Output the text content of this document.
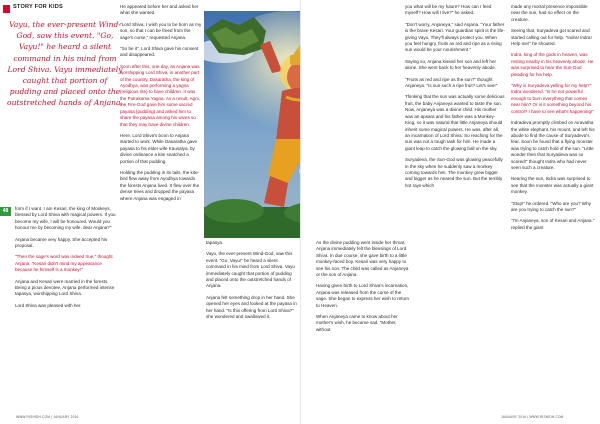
STORY FOR KIDS
Vayu, the ever-present Wind-God, saw this event. "Go, Vayu!" he heard a silent command in his mind from Lord Shiva. Vayu immediately caught that portion of pudding and placed onto the outstretched hands of Anjana.
48	form if I want. I am Kesari, the king of Monkeys, blessed by Lord Shiva with magical powers. If you become my wife, I will be honoured. Would you honour me by becoming my wife, dear Anjana?"

Anjana became very happy. She accepted his proposal.

"Then the sage's word was indeed true," thought Anjana. "Kesari didn't mind my appearance because he himself is a monkey!"

Anjana and Kesari were married in the forests. Being a pious devotee, Anjana performed intense tapasya, worshipping Lord Shiva.

Lord Shiva was pleased with her.

He appeared before her and asked her what she wanted.

"Lord Shiva, I wish you to be born as my son, so that I can be freed from the sage's curse," requested Anjana.

"So be it", Lord Shiva gave his consent and disappeared.

Soon after this, one day, as Anjana was worshipping Lord Shiva, in another part of the country, Dasaratha, the king of Ayodhya, was performing a yagna (religious rite) to have children. It was the Putrakama Yagna. As a result, Agni, the Fire-God gave him some sacred payasa (pudding) and asked him to share the payasa among his wives so that they may have divine children.

Here, Lord Shiva's boon to Anjana started to work. While Dasaratha gave payasa to his elder wife Kausalya, by divine ordinance a kite snatched a portion of that pudding.

Holding the pudding in its tails, the kite-bird flew away from Ayodhya towards the forests Anjana lived. It flew over the dense trees and dropped the payasa where Anjana was engaged in

WWW.RISHIDH.COM | JANUARY 2016

As the divine pudding went inside her throat, Anjana immediately felt the blessings of Lord Shiva. In due course, she gave birth to a little monkey-faced boy. Kesari was very happy to see his son. The child was called as Anjaneya or the son of Anjana.

Having given birth to Lord Shiva's incarnation, Anjana was released from the curse of the sage. She began to express her wish to return to Heaven.

When Anjaneya came to know about her mother's wish, he became sad. "Mother, without

you what will be my future? How can I feed myself? How will I live?" he asked.

"Don't worry, Anjaneya," said Anjana. "Your father is the brave Kesari. Your guardian spirit is the life-giving Vayu. They'll always protect you. When you feel hungry, fruits as red and ripe as a rising sun would be your nourishment."

Saying so, Anjana kissed her son and left her alone. She went back to her heavenly abode.

"Fruits as red and ripe as the sun?" thought Anjaneya. "Is sun such a ripe fruit? Let's see!"

Thinking that the sun was actually some delicious fruit, the baby Anjaneya wanted to taste the sun. Now, Anjaneya was a divine child. His mother was an apsara and his father was a Monkey-King, so it was natural that little Anjaneya should inherit some magical powers. He was, after all, an incarnation of Lord Shiva. So reaching for the sun was not a tough task for him. He made a giant leap to catch the glowing ball on the sky.

Suryadeva, the Sun-God was glowing peacefully in the sky when he suddenly saw a monkey coming towards him. The monkey grew bigger and bigger as he neared the sun. But the terribly hot rays which

made any mortal presence impossible near the sun, had no effect on the creature.

Seeing that, Suryadeva got scared and started calling out for help. "Indra! Indra! Help me!" he shouted.

Indra, king of the gods in heaven, was resting nearby in his heavenly abode. He was surprised to hear the Sun-God pleading for his help.

"Why is Suryadeva yelling for my help?" Indra wondered. "Is he not powerful enough to burn everything that comes near him? Or is it something beyond his control? I have to see what's happening!"

Indradeva promptly climbed on Airavatha the white elephant, his mount, and left his abode to find the cause of Suryadeva's fear. Soon he found that a flying monster was trying to catch hold of the sun. "Little wonder then that Suryadeva was so scared!" thought Indra who had never seen such a creature.

Nearing the sun, Indra was surprised to see that the monster was actually a giant monkey.

"Stop!" he ordered. "Who are you? Why are you trying to catch the sun?"

"I'm Anjaneya, son of Kesari and Anjana." replied the giant

JANUARY 2016 | WWW.RISHIDH.COM

tapasya.

Vayu, the ever-present Wind-God, saw this event. "Go, Vayu!" he heard a silent command in his mind from Lord Shiva. Vayu immediately caught that portion of pudding and placed onto the outstretched hands of Anjana.

Anjana felt something drop in her hand. She opened her eyes and looked at the payasa in her hand. "Is this offering from Lord Shiva?" she wondered and swallowed it.
